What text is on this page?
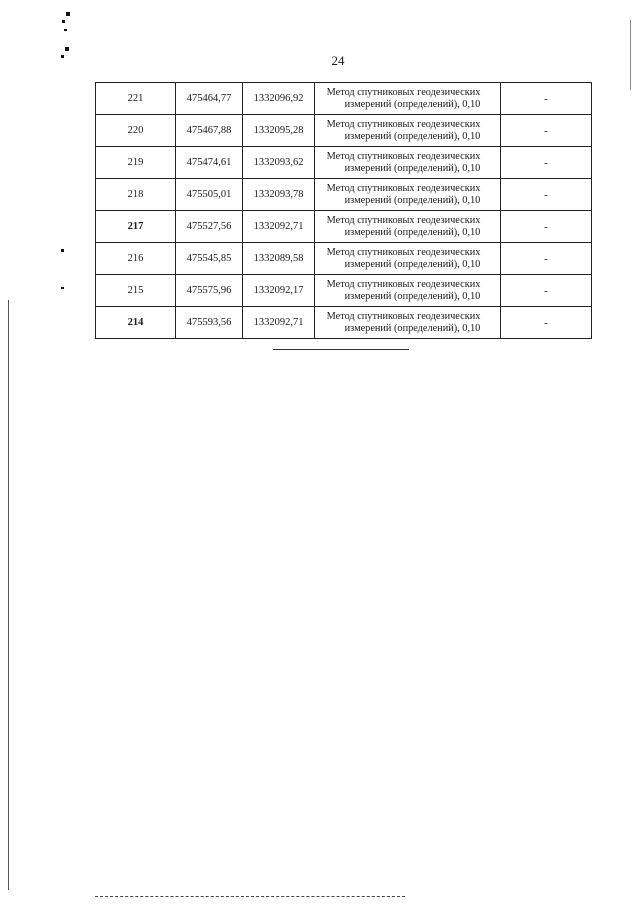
24
221	475464,77	1332096,92	Метод спутниковых геодезических
измерений (определений), 0,10	-
220	475467,88	1332095,28	Метод спутниковых геодезических
измерений (определений), 0,10	-
219	475474,61	1332093,62	Метод спутниковых геодезических
измерений (определений), 0,10	-
218	475505,01	1332093,78	Метод спутниковых геодезических
измерений (определений), 0,10	-
217	475527,56	1332092,71	Метод спутниковых геодезических
измерений (определений), 0,10	-
216	475545,85	1332089,58	Метод спутниковых геодезических
измерений (определений), 0,10	-
215	475575,96	1332092,17	Метод спутниковых геодезических
измерений (определений), 0,10	-
214	475593,56	1332092,71	Метод спутниковых геодезических
измерений (определений), 0,10	-
